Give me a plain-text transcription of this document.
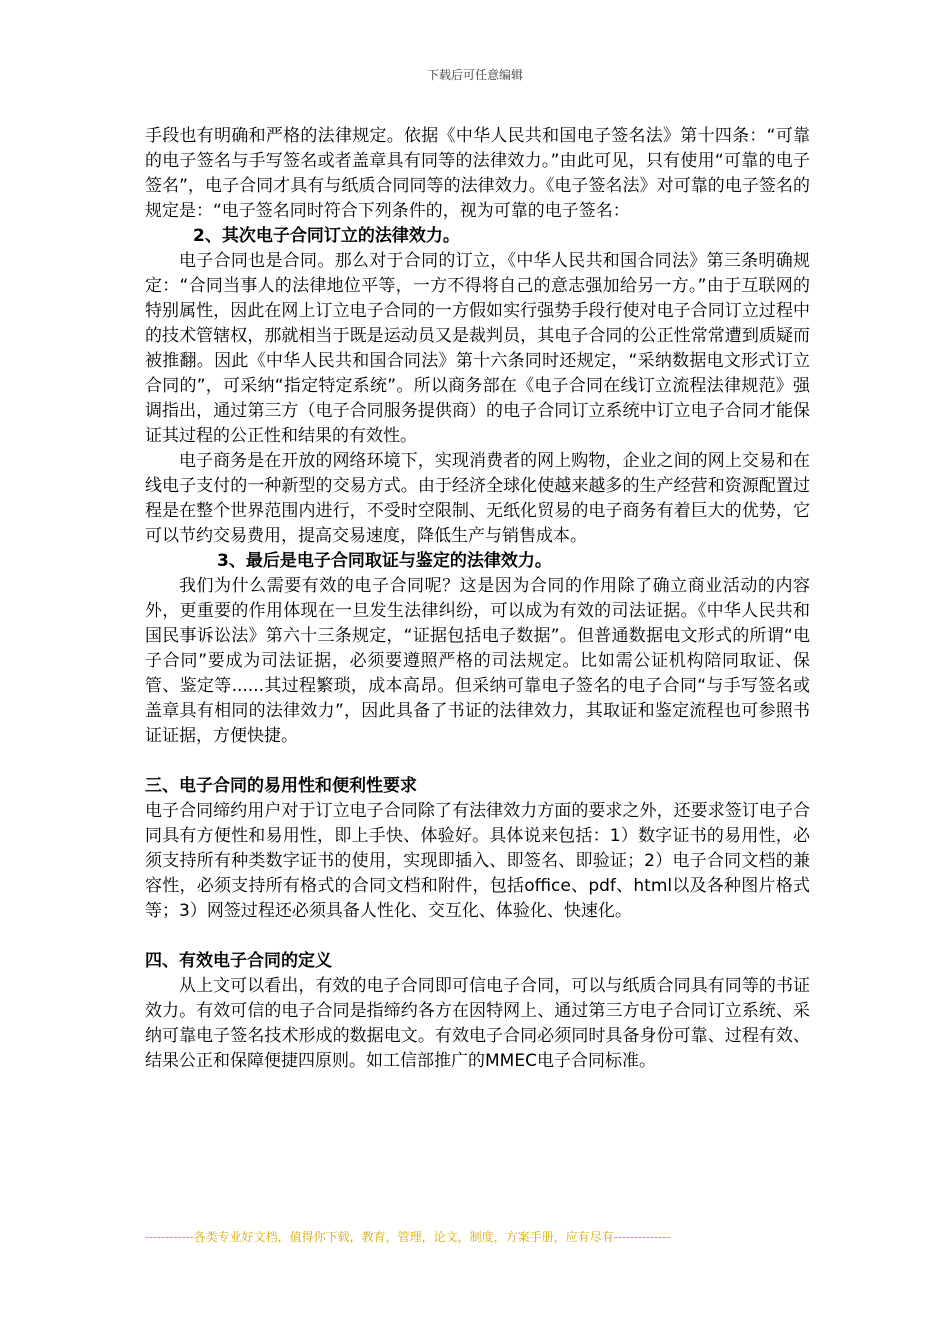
下载后可任意编辑

手段也有明确和严格的法律规定。依据《中华人民共和国电子签名法》第十四条：“可靠的电子签名与手写签名或者盖章具有同等的法律效力。”由此可见，只有使用“可靠的电子签名”，电子合同才具有与纸质合同同等的法律效力。《电子签名法》对可靠的电子签名的规定是：“电子签名同时符合下列条件的，视为可靠的电子签名：

2、其次电子合同订立的法律效力。

电子合同也是合同。那么对于合同的订立，《中华人民共和国合同法》第三条明确规定：“合同当事人的法律地位平等，一方不得将自己的意志强加给另一方。”由于互联网的特别属性，因此在网上订立电子合同的一方假如实行强势手段行使对电子合同订立过程中的技术管辖权，那就相当于既是运动员又是裁判员，其电子合同的公正性常常遭到质疑而被推翻。因此《中华人民共和国合同法》第十六条同时还规定，“采纳数据电文形式订立合同的”，可采纳“指定特定系统”。所以商务部在《电子合同在线订立流程法律规范》强调指出，通过第三方（电子合同服务提供商）的电子合同订立系统中订立电子合同才能保证其过程的公正性和结果的有效性。

电子商务是在开放的网络环境下，实现消费者的网上购物，企业之间的网上交易和在线电子支付的一种新型的交易方式。由于经济全球化使越来越多的生产经营和资源配置过程是在整个世界范围内进行，不受时空限制、无纸化贸易的电子商务有着巨大的优势，它可以节约交易费用，提高交易速度，降低生产与销售成本。

3、最后是电子合同取证与鉴定的法律效力。

我们为什么需要有效的电子合同呢？这是因为合同的作用除了确立商业活动的内容外，更重要的作用体现在一旦发生法律纠纷，可以成为有效的司法证据。《中华人民共和国民事诉讼法》第六十三条规定，“证据包括电子数据”。但普通数据电文形式的所谓“电子合同”要成为司法证据，必须要遵照严格的司法规定。比如需公证机构陪同取证、保管、鉴定等......其过程繁琐，成本高昂。但采纳可靠电子签名的电子合同“与手写签名或盖章具有相同的法律效力”，因此具备了书证的法律效力，其取证和鉴定流程也可参照书证证据，方便快捷。

三、电子合同的易用性和便利性要求

电子合同缔约用户对于订立电子合同除了有法律效力方面的要求之外，还要求签订电子合同具有方便性和易用性，即上手快、体验好。具体说来包括：1）数字证书的易用性，必须支持所有种类数字证书的使用，实现即插入、即签名、即验证；2）电子合同文档的兼容性，必须支持所有格式的合同文档和附件，包括office、pdf、html以及各种图片格式等；3）网签过程还必须具备人性化、交互化、体验化、快速化。

四、有效电子合同的定义

从上文可以看出，有效的电子合同即可信电子合同，可以与纸质合同具有同等的书证效力。有效可信的电子合同是指缔约各方在因特网上、通过第三方电子合同订立系统、采纳可靠电子签名技术形成的数据电文。有效电子合同必须同时具备身份可靠、过程有效、结果公正和保障便捷四原则。如工信部推广的MMEC电子合同标准。

------------各类专业好文档，值得你下载，教育，管理，论文，制度，方案手册，应有尽有--------------
